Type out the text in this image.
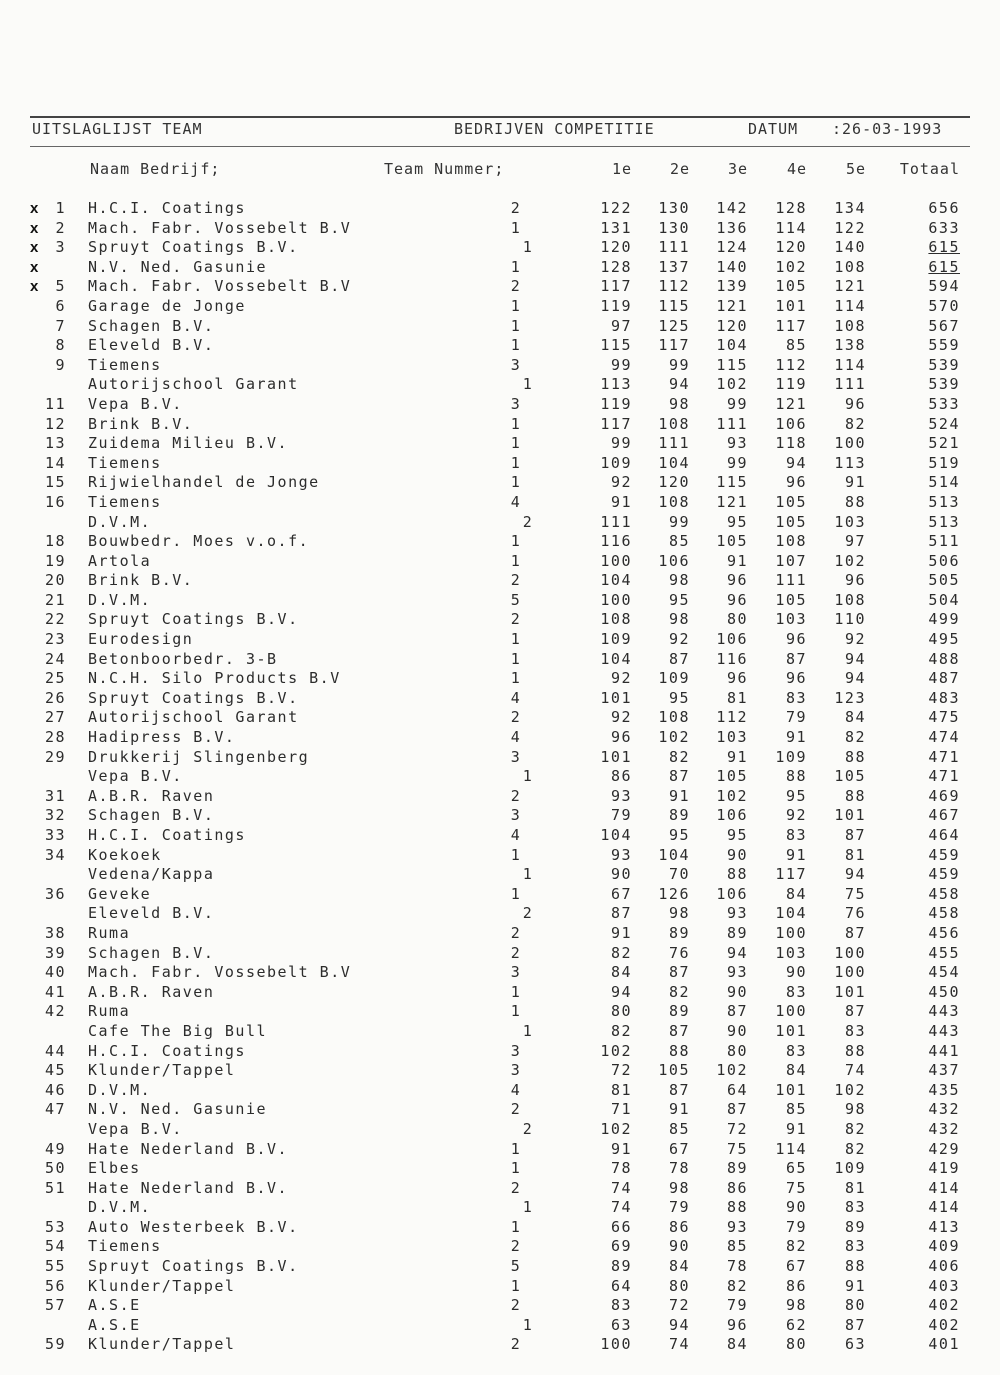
UITSLAGLIJST TEAM	BEDRIJVEN COMPETITIE	DATUM :26-03-1993
Naam Bedrijf;	Team Nummer;	1e	2e	3e	4e	5e	Totaal
x	1 H.C.I. Coatings	2	122	130	142	128	134	656
x	2 Mach. Fabr. Vossebelt B.V	1	131	130	136	114	122	633
x	3 Spruyt Coatings B.V.	1	120	111	124	120	140	615
x	N.V. Ned. Gasunie	1	128	137	140	102	108	615
x	5 Mach. Fabr. Vossebelt B.V	2	117	112	139	105	121	594
6 Garage de Jonge	1	119	115	121	101	114	570
7 Schagen B.V.	1	97	125	120	117	108	567
8 Eleveld B.V.	1	115	117	104	85	138	559
9 Tiemens	3	99	99	115	112	114	539
Autorijschool Garant	1	113	94	102	119	111	539
11 Vepa B.V.	3	119	98	99	121	96	533
12 Brink B.V.	1	117	108	111	106	82	524
13 Zuidema Milieu B.V.	1	99	111	93	118	100	521
14 Tiemens	1	109	104	99	94	113	519
15 Rijwielhandel de Jonge	1	92	120	115	96	91	514
16 Tiemens	4	91	108	121	105	88	513
D.V.M.	2	111	99	95	105	103	513
18 Bouwbedr. Moes v.o.f.	1	116	85	105	108	97	511
19 Artola	1	100	106	91	107	102	506
20 Brink B.V.	2	104	98	96	111	96	505
21 D.V.M.	5	100	95	96	105	108	504
22 Spruyt Coatings B.V.	2	108	98	80	103	110	499
23 Eurodesign	1	109	92	106	96	92	495
24 Betonboorbedr. 3-B	1	104	87	116	87	94	488
25 N.C.H. Silo Products B.V	1	92	109	96	96	94	487
26 Spruyt Coatings B.V.	4	101	95	81	83	123	483
27 Autorijschool Garant	2	92	108	112	79	84	475
28 Hadipress B.V.	4	96	102	103	91	82	474
29 Drukkerij Slingenberg	3	101	82	91	109	88	471
Vepa B.V.	1	86	87	105	88	105	471
31 A.B.R. Raven	2	93	91	102	95	88	469
32 Schagen B.V.	3	79	89	106	92	101	467
33 H.C.I. Coatings	4	104	95	95	83	87	464
34 Koekoek	1	93	104	90	91	81	459
Vedena/Kappa	1	90	70	88	117	94	459
36 Geveke	1	67	126	106	84	75	458
Eleveld B.V.	2	87	98	93	104	76	458
38 Ruma	2	91	89	89	100	87	456
39 Schagen B.V.	2	82	76	94	103	100	455
40 Mach. Fabr. Vossebelt B.V	3	84	87	93	90	100	454
41 A.B.R. Raven	1	94	82	90	83	101	450
42 Ruma	1	80	89	87	100	87	443
Cafe The Big Bull	1	82	87	90	101	83	443
44 H.C.I. Coatings	3	102	88	80	83	88	441
45 Klunder/Tappel	3	72	105	102	84	74	437
46 D.V.M.	4	81	87	64	101	102	435
47 N.V. Ned. Gasunie	2	71	91	87	85	98	432
Vepa B.V.	2	102	85	72	91	82	432
49 Hate Nederland B.V.	1	91	67	75	114	82	429
50 Elbes	1	78	78	89	65	109	419
51 Hate Nederland B.V.	2	74	98	86	75	81	414
D.V.M.	1	74	79	88	90	83	414
53 Auto Westerbeek B.V.	1	66	86	93	79	89	413
54 Tiemens	2	69	90	85	82	83	409
55 Spruyt Coatings B.V.	5	89	84	78	67	88	406
56 Klunder/Tappel	1	64	80	82	86	91	403
57 A.S.E	2	83	72	79	98	80	402
A.S.E	1	63	94	96	62	87	402
59 Klunder/Tappel	2	100	74	84	80	63	401
